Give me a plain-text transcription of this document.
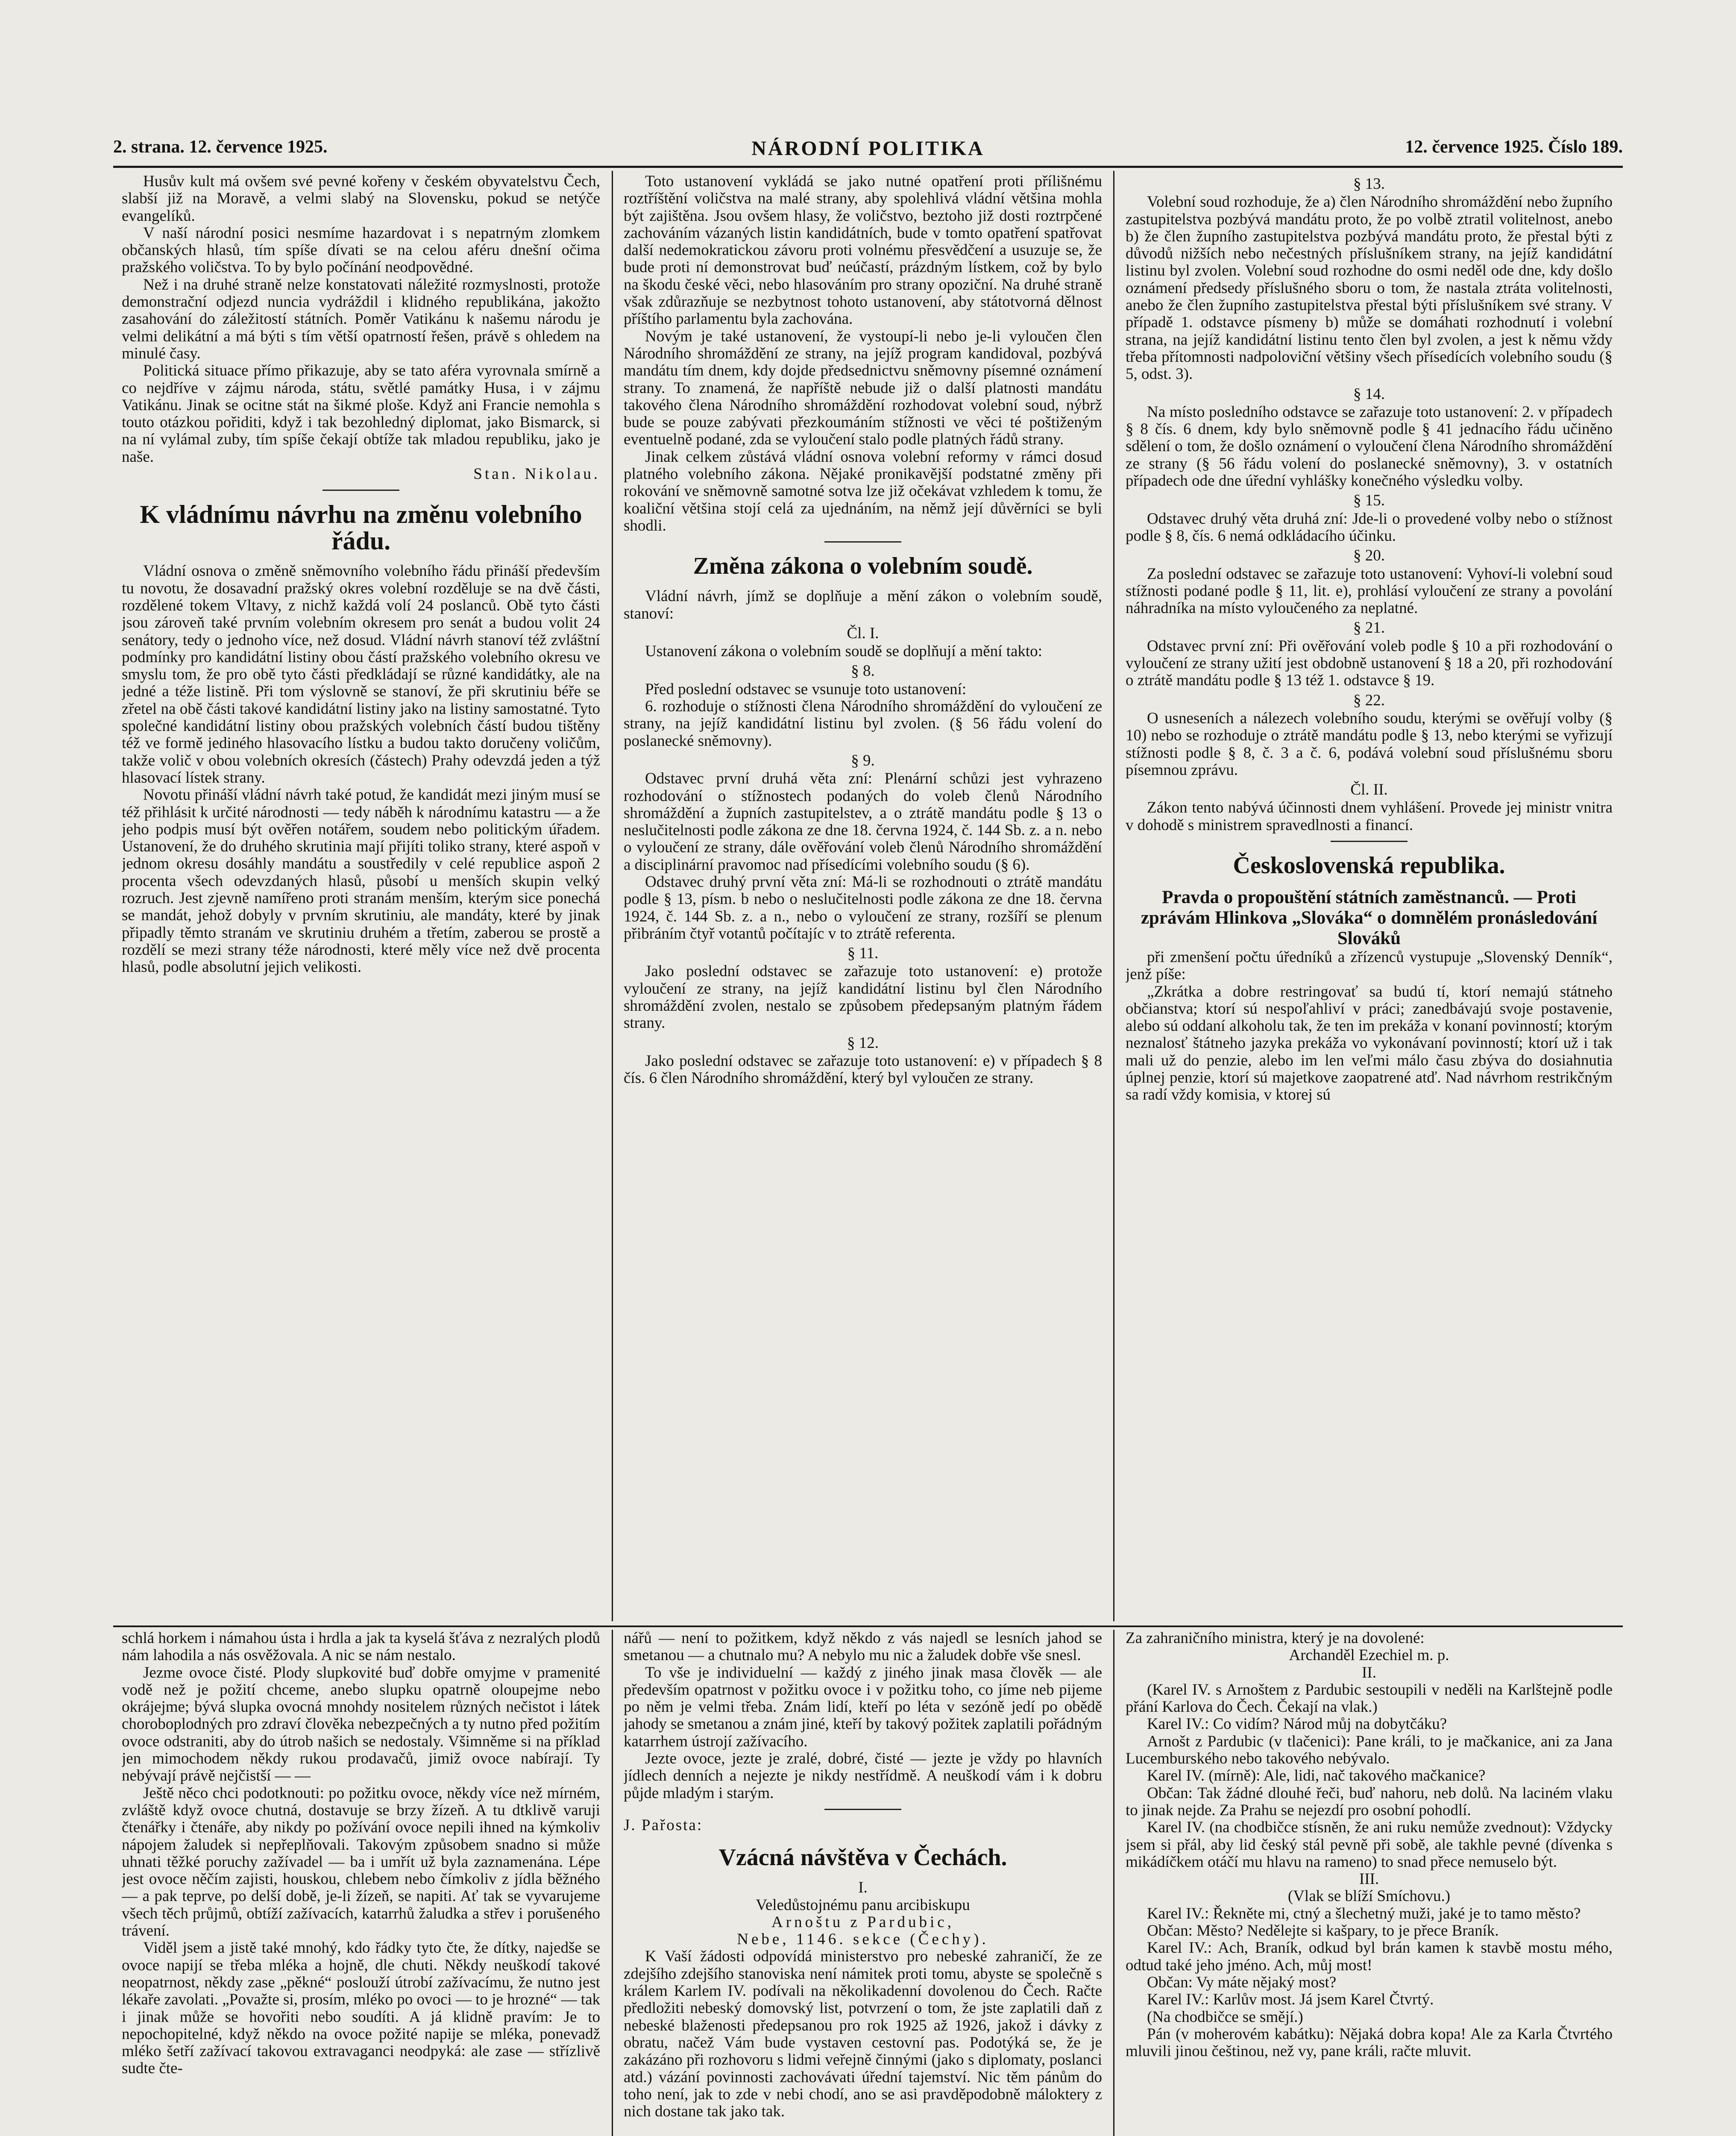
2. strana. 12. července 1925.	NÁRODNÍ POLITIKA	12. července 1925. Číslo 189.

Husův kult má ovšem své pevné kořeny v českém obyvatelstvu Čech, slabší již na Moravě, a velmi slabý na Slovensku, pokud se netýče evangelíků.

V naší národní posici nesmíme hazardovat i s nepatrným zlomkem občanských hlasů, tím spíše dívati se na celou aféru dnešní očima pražského voličstva. To by bylo počínání neodpovědné.

Než i na druhé straně nelze konstatovati náležité rozmyslnosti, protože demonstrační odjezd nuncia vydráždil i klidného republikána, jakožto zasahování do záležitostí státních. Poměr Vatikánu k našemu národu je velmi delikátní a má býti s tím větší opatrností řešen, právě s ohledem na minulé časy.

Politická situace přímo přikazuje, aby se tato aféra vyrovnala smírně a co nejdříve v zájmu národa, státu, světlé památky Husa, i v zájmu Vatikánu. Jinak se ocitne stát na šikmé ploše. Když ani Francie nemohla s touto otázkou pořiditi, když i tak bezohledný diplomat, jako Bismarck, si na ní vylámal zuby, tím spíše čekají obtíže tak mladou republiku, jako je naše.

Stan. Nikolau.

K vládnímu návrhu na změnu volebního řádu.

Vládní osnova o změně sněmovního volebního řádu přináší především tu novotu, že dosavadní pražský okres volební rozděluje se na dvě části, rozdělené tokem Vltavy, z nichž každá volí 24 poslanců. Obě tyto části jsou zároveň také prvním volebním okresem pro senát a budou volit 24 senátory, tedy o jednoho více, než dosud. Vládní návrh stanoví též zvláštní podmínky pro kandidátní listiny obou částí pražského volebního okresu ve smyslu tom, že pro obě tyto části předkládají se různé kandidátky, ale na jedné a téže listině. Při tom výslovně se stanoví, že při skrutiniu béře se zřetel na obě části takové kandidátní listiny jako na listiny samostatné. Tyto společné kandidátní listiny obou pražských volebních částí budou tištěny též ve formě jediného hlasovacího lístku a budou takto doručeny voličům, takže volič v obou volebních okresích (částech) Prahy odevzdá jeden a týž hlasovací lístek strany.

Novotu přináší vládní návrh také potud, že kandidát mezi jiným musí se též přihlásit k určité národnosti — tedy náběh k národnímu katastru — a že jeho podpis musí být ověřen notářem, soudem nebo politickým úřadem. Ustanovení, že do druhého skrutinia mají přijíti toliko strany, které aspoň v jednom okresu dosáhly mandátu a soustředily v celé republice aspoň 2 procenta všech odevzdaných hlasů, působí u menších skupin velký rozruch. Jest zjevně namířeno proti stranám menším, kterým sice ponechá se mandát, jehož dobyly v prvním skrutiniu, ale mandáty, které by jinak připadly těmto stranám ve skrutiniu druhém a třetím, zaberou se prostě a rozdělí se mezi strany téže národnosti, které měly více než dvě procenta hlasů, podle absolutní jejich velikosti.

Toto ustanovení vykládá se jako nutné opatření proti přílišnému roztříštění voličstva na malé strany, aby spolehlivá vládní většina mohla být zajištěna. Jsou ovšem hlasy, že voličstvo, beztoho již dosti roztrpčené zachováním vázaných listin kandidátních, bude v tomto opatření spatřovat další nedemokratickou závoru proti volnému přesvědčení a usuzuje se, že bude proti ní demonstrovat buď neúčastí, prázdným lístkem, což by bylo na škodu české věci, nebo hlasováním pro strany opoziční. Na druhé straně však zdůrazňuje se nezbytnost tohoto ustanovení, aby státotvorná dělnost příštího parlamentu byla zachována.

Novým je také ustanovení, že vystoupí-li nebo je-li vyloučen člen Národního shromáždění ze strany, na jejíž program kandidoval, pozbývá mandátu tím dnem, kdy dojde předsednictvu sněmovny písemné oznámení strany. To znamená, že napříště nebude již o další platnosti mandátu takového člena Národního shromáždění rozhodovat volební soud, nýbrž bude se pouze zabývati přezkoumáním stížnosti ve věci té poštiženým eventuelně podané, zda se vyloučení stalo podle platných řádů strany.

Jinak celkem zůstává vládní osnova volební reformy v rámci dosud platného volebního zákona. Nějaké pronikavější podstatné změny při rokování ve sněmovně samotné sotva lze již očekávat vzhledem k tomu, že koaliční většina stojí celá za ujednáním, na němž její důvěrníci se byli shodli.

Změna zákona o volebním soudě.

Vládní návrh, jímž se doplňuje a mění zákon o volebním soudě, stanoví:

Čl. I.

Ustanovení zákona o volebním soudě se doplňují a mění takto:

§ 8.

Před poslední odstavec se vsunuje toto ustanovení:

6. rozhoduje o stížnosti člena Národního shromáždění do vyloučení ze strany, na jejíž kandidátní listinu byl zvolen. (§ 56 řádu volení do poslanecké sněmovny).

§ 9.

Odstavec první druhá věta zní: Plenární schůzi jest vyhrazeno rozhodování o stížnostech podaných do voleb členů Národního shromáždění a župních zastupitelstev, a o ztrátě mandátu podle § 13 o neslučitelnosti podle zákona ze dne 18. června 1924, č. 144 Sb. z. a n. nebo o vyloučení ze strany, dále ověřování voleb členů Národního shromáždění a disciplinární pravomoc nad přísedícími volebního soudu (§ 6).

Odstavec druhý první věta zní: Má-li se rozhodnouti o ztrátě mandátu podle § 13, písm. b nebo o neslučitelnosti podle zákona ze dne 18. června 1924, č. 144 Sb. z. a n., nebo o vyloučení ze strany, rozšíří se plenum přibráním čtyř votantů počítajíc v to ztrátě referenta.

§ 11.

Jako poslední odstavec se zařazuje toto ustanovení: e) protože vyloučení ze strany, na jejíž kandidátní listinu byl člen Národního shromáždění zvolen, nestalo se způsobem předepsaným platným řádem strany.

§ 12.

Jako poslední odstavec se zařazuje toto ustanovení: e) v případech § 8 čís. 6 člen Národního shromáždění, který byl vyloučen ze strany.

§ 13.

Volební soud rozhoduje, že a) člen Národního shromáždění nebo župního zastupitelstva pozbývá mandátu proto, že po volbě ztratil volitelnost, anebo b) že člen župního zastupitelstva pozbývá mandátu proto, že přestal býti z důvodů nižších nebo nečestných příslušníkem strany, na jejíž kandidátní listinu byl zvolen. Volební soud rozhodne do osmi neděl ode dne, kdy došlo oznámení předsedy příslušného sboru o tom, že nastala ztráta volitelnosti, anebo že člen župního zastupitelstva přestal býti příslušníkem své strany. V případě 1. odstavce písmeny b) může se domáhati rozhodnutí i volební strana, na jejíž kandidátní listinu tento člen byl zvolen, a jest k němu vždy třeba přítomnosti nadpoloviční většiny všech přísedících volebního soudu (§ 5, odst. 3).

§ 14.

Na místo posledního odstavce se zařazuje toto ustanovení: 2. v případech § 8 čís. 6 dnem, kdy bylo sněmovně podle § 41 jednacího řádu učiněno sdělení o tom, že došlo oznámení o vyloučení člena Národního shromáždění ze strany (§ 56 řádu volení do poslanecké sněmovny), 3. v ostatních případech ode dne úřední vyhlášky konečného výsledku volby.

§ 15.

Odstavec druhý věta druhá zní: Jde-li o provedené volby nebo o stížnost podle § 8, čís. 6 nemá odkládacího účinku.

§ 20.

Za poslední odstavec se zařazuje toto ustanovení: Vyhoví-li volební soud stížnosti podané podle § 11, lit. e), prohlásí vyloučení ze strany a povolání náhradníka na místo vyloučeného za neplatné.

§ 21.

Odstavec první zní: Při ověřování voleb podle § 10 a při rozhodování o vyloučení ze strany užití jest obdobně ustanovení § 18 a 20, při rozhodování o ztrátě mandátu podle § 13 též 1. odstavce § 19.

§ 22.

O usneseních a nálezech volebního soudu, kterými se ověřují volby (§ 10) nebo se rozhoduje o ztrátě mandátu podle § 13, nebo kterými se vyřizují stížnosti podle § 8, č. 3 a č. 6, podává volební soud příslušnému sboru písemnou zprávu.

Čl. II.

Zákon tento nabývá účinnosti dnem vyhlášení. Provede jej ministr vnitra v dohodě s ministrem spravedlnosti a financí.

Československá republika.

Pravda o propouštění státních zaměstnanců. — Proti zprávám Hlinkova „Slováka“ o domnělém pronásledování Slováků

při zmenšení počtu úředníků a zřízenců vystupuje „Slovenský Denník“, jenž píše:

„Zkrátka a dobre restringovať sa budú tí, ktorí nemajú státneho občianstva; ktorí sú nespoľahliví v práci; zanedbávajú svoje postavenie, alebo sú oddaní alkoholu tak, že ten im prekáža v konaní povinností; ktorým neznalosť štátneho jazyka prekáža vo vykonávaní povinností; ktorí už i tak mali už do penzie, alebo im len veľmi málo času zbýva do dosiahnutia úplnej penzie, ktorí sú majetkove zaopatrené atď. Nad návrhom restrikčným sa radí vždy komisia, v ktorej sú

schlá horkem i námahou ústa i hrdla a jak ta kyselá šťáva z nezralých plodů nám lahodila a nás osvěžovala. A nic se nám nestalo.

Jezme ovoce čisté. Plody slupkovité buď dobře omyjme v pramenité vodě než je požití chceme, anebo slupku opatrně oloupejme nebo okrájejme; bývá slupka ovocná mnohdy nositelem různých nečistot i látek choroboplodných pro zdraví člověka nebezpečných a ty nutno před požitím ovoce odstraniti, aby do útrob našich se nedostaly. Všimněme si na příklad jen mimochodem někdy rukou prodavačů, jimiž ovoce nabírají. Ty nebývají právě nejčistší — —

Ještě něco chci podotknouti: po požitku ovoce, někdy více než mírném, zvláště když ovoce chutná, dostavuje se brzy žízeň. A tu dtklivě varuji čtenářky i čtenáře, aby nikdy po požívání ovoce nepili ihned na kýmkoliv nápojem žaludek si nepřeplňovali. Takovým způsobem snadno si může uhnati těžké poruchy zažívadel — ba i umřít už byla zaznamenána. Lépe jest ovoce něčím zajisti, houskou, chlebem nebo čímkoliv z jídla běžného — a pak teprve, po delší době, je-li žízeň, se napiti. Ať tak se vyvarujeme všech těch průjmů, obtíží zažívacích, katarrhů žaludka a střev i porušeného trávení.

Viděl jsem a jistě také mnohý, kdo řádky tyto čte, že dítky, najedše se ovoce napijí se třeba mléka a hojně, dle chuti. Někdy neuškodí takové neopatrnost, někdy zase „pěkné“ poslouží útrobí zažívacímu, že nutno jest lékaře zavolati. „Považte si, prosím, mléko po ovoci — to je hrozné“ — tak i jinak může se hovořiti nebo soudíti. A já klidně pravím: Je to nepochopitelné, když někdo na ovoce požité napije se mléka, ponevadž mléko šetří zažívací takovou extravaganci neodpyká: ale zase — střízlivě sudte čte-

nářů — není to požitkem, když někdo z vás najedl se lesních jahod se smetanou — a chutnalo mu? A nebylo mu nic a žaludek dobře vše snesl.

To vše je individuelní — každý z jiného jinak masa člověk — ale především opatrnost v požitku ovoce i v požitku toho, co jíme neb pijeme po něm je velmi třeba. Znám lidí, kteří po léta v sezóně jedí po obědě jahody se smetanou a znám jiné, kteří by takový požitek zaplatili pořádným katarrhem ústrojí zažívacího.

Jezte ovoce, jezte je zralé, dobré, čisté — jezte je vždy po hlavních jídlech denních a nejezte je nikdy nestřídmě. A neuškodí vám i k dobru půjde mladým i starým.

J. Pařosta:

Vzácná návštěva v Čechách.

I.

Veledůstojnému panu arcibiskupu

Arnoštu z Pardubic,

Nebe, 1146. sekce (Čechy).

K Vaší žádosti odpovídá ministerstvo pro nebeské zahraničí, že ze zdejšího zdejšího stanoviska není námitek proti tomu, abyste se společně s králem Karlem IV. podívali na několikadenní dovolenou do Čech. Račte předložiti nebeský domovský list, potvrzení o tom, že jste zaplatili daň z nebeské blaženosti předepsanou pro rok 1925 až 1926, jakož i dávky z obratu, načež Vám bude vystaven cestovní pas. Podotýká se, že je zakázáno při rozhovoru s lidmi veřejně činnými (jako s diplomaty, poslanci atd.) vázání povinnosti zachovávati úřední tajemství. Nic těm pánům do toho není, jak to zde v nebi chodí, ano se asi pravděpodobně máloktery z nich dostane tak jako tak.

Za zahraničního ministra, který je na dovolené:

Archanděl Ezechiel m. p.

II.

(Karel IV. s Arnoštem z Pardubic sestoupili v neděli na Karlštejně podle přání Karlova do Čech. Čekají na vlak.)

Karel IV.: Co vidím? Národ můj na dobytčáku?

Arnošt z Pardubic (v tlačenici): Pane králi, to je mačkanice, ani za Jana Lucemburského nebo takového nebývalo.

Karel IV. (mírně): Ale, lidi, nač takového mačkanice?

Občan: Tak žádné dlouhé řeči, buď nahoru, neb dolů. Na laciném vlaku to jinak nejde. Za Prahu se nejezdí pro osobní pohodlí.

Karel IV. (na chodbičce stísněn, že ani ruku nemůže zvednout): Vždycky jsem si přál, aby lid český stál pevně při sobě, ale takhle pevné (dívenka s mikádíčkem otáčí mu hlavu na rameno) to snad přece nemuselo být.

III.

(Vlak se blíží Smíchovu.)

Karel IV.: Řekněte mi, ctný a šlechetný muži, jaké je to tamo město?

Občan: Město? Nedělejte si kašpary, to je přece Braník.

Karel IV.: Ach, Braník, odkud byl brán kamen k stavbě mostu mého, odtud také jeho jméno. Ach, můj most!

Občan: Vy máte nějaký most?

Karel IV.: Karlův most. Já jsem Karel Čtvrtý.

(Na chodbičce se smějí.)

Pán (v moherovém kabátku): Nějaká dobra kopa! Ale za Karla Čtvrtého mluvili jinou češtinou, než vy, pane králi, račte mluvit.
